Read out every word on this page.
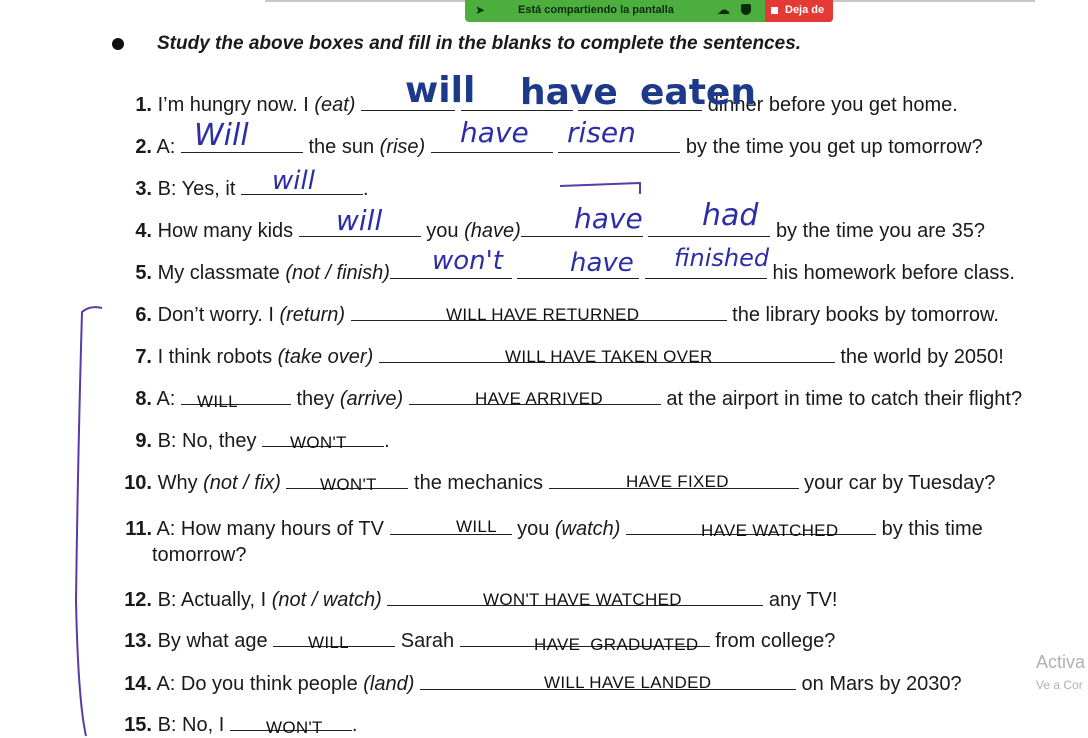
➤	Está compartiendo la pantalla	☁	Deja de
Study the above boxes and fill in the blanks to complete the sentences.
1. I’m hungry now. I (eat)	dinner before you get home.
will have eaten
2. A:	the sun (rise)	by the time you get up tomorrow?
Will	have risen
3. B: Yes, it	.
will
4. How many kids	you (have)	by the time you are 35?
will	have had
5. My classmate (not / finish)	his homework before class.
won't	have finished
6. Don’t worry. I (return)	the library books by tomorrow.
WILL HAVE RETURNED
7. I think robots (take over)	the world by 2050!
WILL HAVE TAKEN OVER
8. A:	they (arrive)	at the airport in time to catch their flight?
WILL	HAVE ARRIVED
9. B: No, they	.
WON'T
10. Why (not / fix)	the mechanics	your car by Tuesday?
WON'T	HAVE FIXED
11. A: How many hours of TV	you (watch)	by this time
tomorrow?
WILL	HAVE WATCHED
12. B: Actually, I (not / watch)	any TV!
WON'T HAVE WATCHED
13. By what age	Sarah	from college?
WILL	HAVE  GRADUATED
14. A: Do you think people (land)	on Mars by 2030?
WILL HAVE LANDED
15. B: No, I	.
WON'T
Activa
Ve a Cor
